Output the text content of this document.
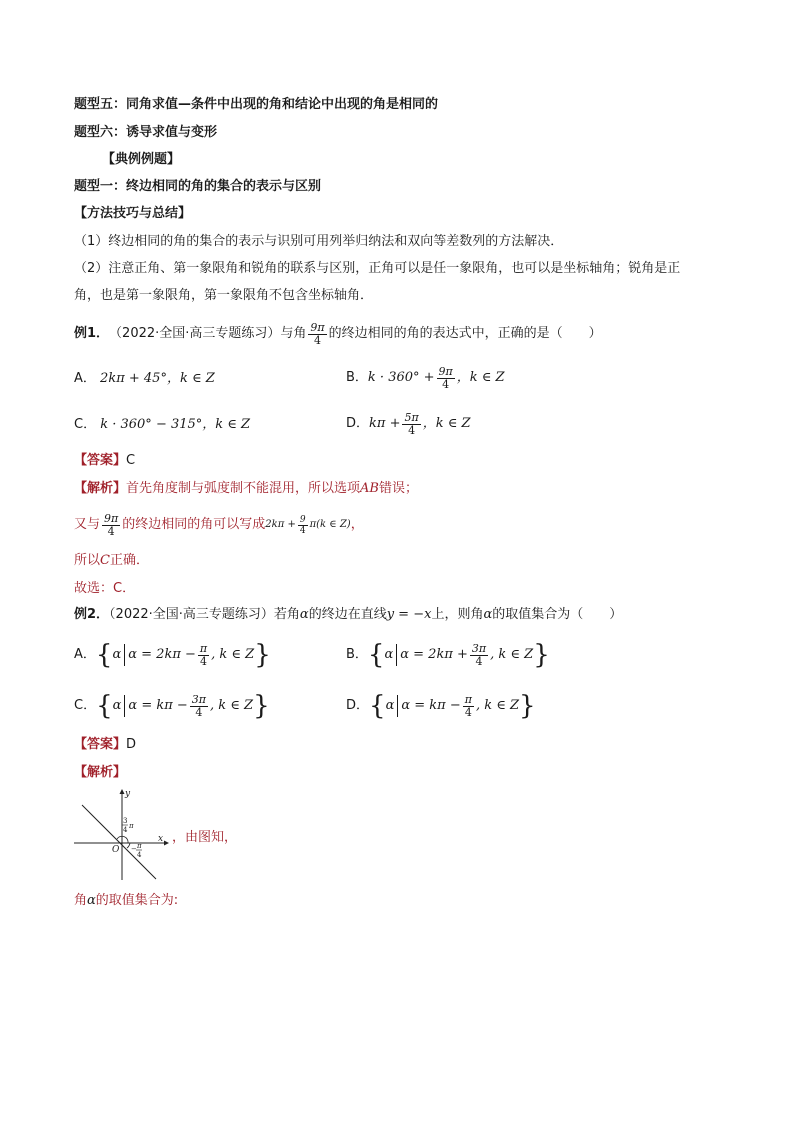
题型五：同角求值—条件中出现的角和结论中出现的角是相同的
题型六：诱导求值与变形
【典例例题】
题型一：终边相同的角的集合的表示与区别
【方法技巧与总结】
（1）终边相同的角的集合的表示与识别可用列举归纳法和双向等差数列的方法解决．
（2）注意正角、第一象限角和锐角的联系与区别，正角可以是任一象限角，也可以是坐标轴角；锐角是正
角，也是第一象限角，第一象限角不包含坐标轴角．
例1． （2022·全国·高三专题练习）与角 $\frac{9\pi}{4}$ 的终边相同的角的表达式中，正确的是（　　）
A． 2kπ + 45°，k ∈ Z	B． $k \cdot 360^\circ + \frac{9\pi}{4}$ ，k ∈ Z
C． k · 360° − 315°，k ∈ Z	D． $k\pi + \frac{5\pi}{4}$ ，k ∈ Z
【答案】C
【解析】首先角度制与弧度制不能混用，所以选项AB错误；
又与 $\frac{9\pi}{4}$ 的终边相同的角可以写成 $2k\pi + \frac{9}{4} \pi(k$ ∈ Z) ，
所以C正确．
故选：C．
例2．（2022·全国·高三专题练习）若角α的终边在直线y = −x上，则角α的取值集合为（　　）
A． { α $\alpha = 2k\pi - \frac{\pi}{4}$ , k ∈ Z }	B． { α $\alpha = 2k\pi + \frac{3\pi}{4}$ , k ∈ Z }
C． { α $\alpha = k\pi - \frac{3\pi}{4}$ , k ∈ Z }	D． { α $\alpha = k\pi - \frac{\pi}{4}$ , k ∈ Z }
【答案】D
【解析】
y
x
O
3
4 π
− π
4
，由图知，
角α的取值集合为:
